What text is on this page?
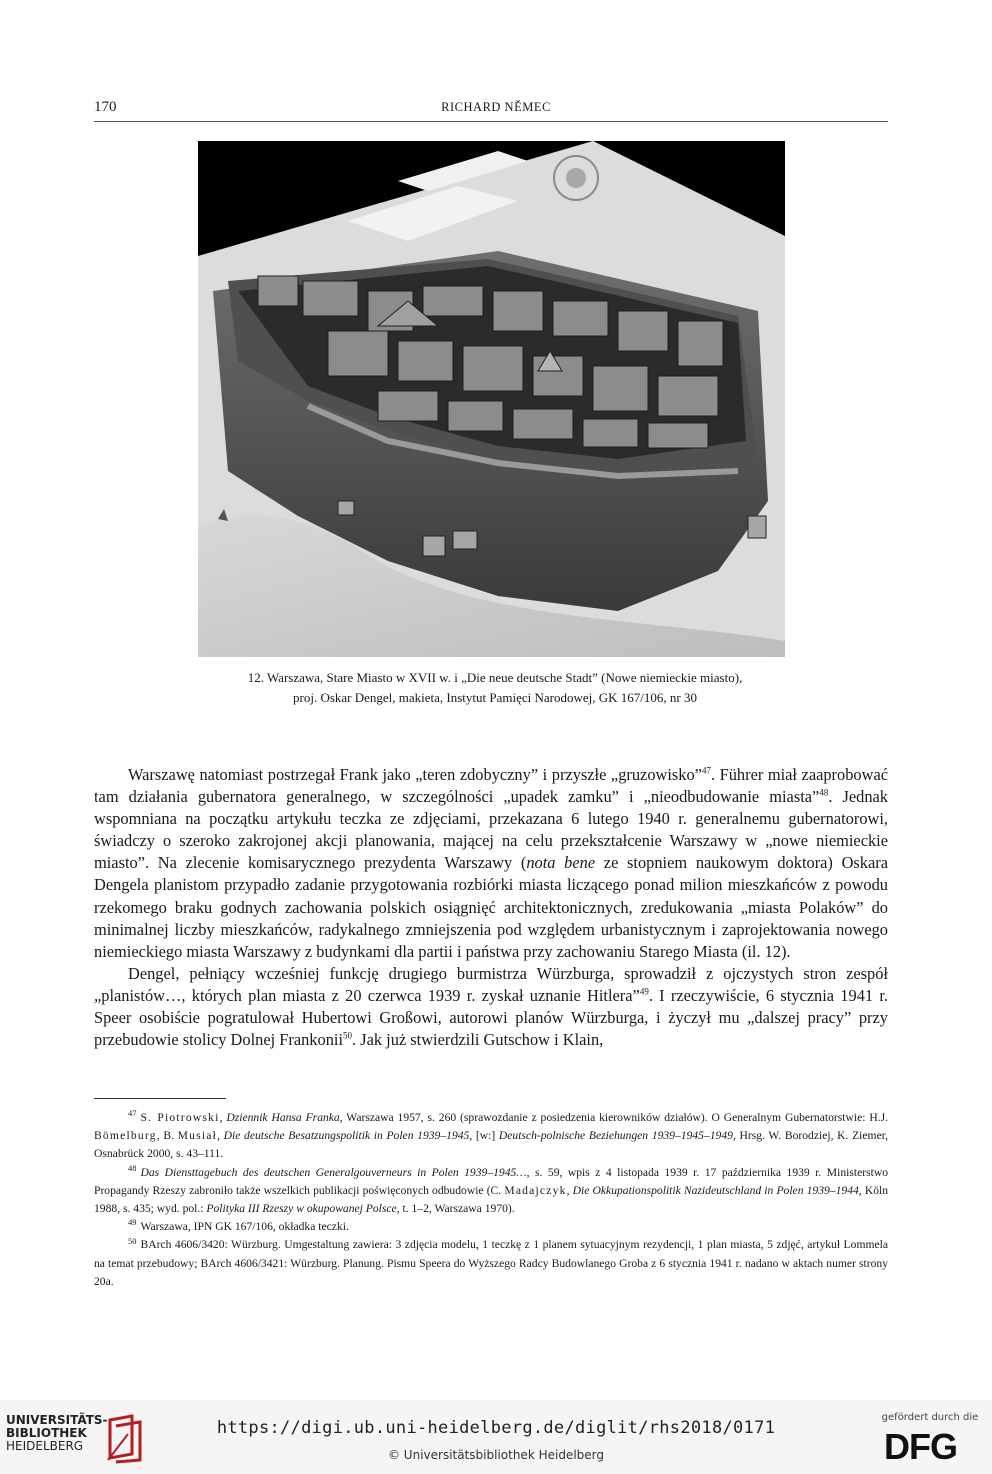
170	RICHARD NĚMEC
12. Warszawa, Stare Miasto w XVII w. i „Die neue deutsche Stadt” (Nowe niemieckie miasto),
proj. Oskar Dengel, makieta, Instytut Pamięci Narodowej, GK 167/106, nr 30

Warszawę natomiast postrzegał Frank jako „teren zdobyczny” i przyszłe „gruzowisko”$^{47}$. Führer miał zaaprobować tam działania gubernatora generalnego, w szczególności „upadek zamku” i „nieodbudowanie miasta”$^{48}$. Jednak wspomniana na początku artykułu teczka ze zdjęciami, przekazana 6 lutego 1940 r. generalnemu gubernatorowi, świadczy o szeroko zakrojonej akcji planowania, mającej na celu przekształcenie Warszawy w „nowe niemieckie miasto”. Na zlecenie komisarycznego prezydenta Warszawy (nota bene ze stopniem naukowym doktora) Oskara Dengela planistom przypadło zadanie przygotowania rozbiórki miasta liczącego ponad milion mieszkańców z powodu rzekomego braku godnych zachowania polskich osiągnięć architektonicznych, zredukowania „miasta Polaków” do minimalnej liczby mieszkańców, radykalnego zmniejszenia pod względem urbanistycznym i zaprojektowania nowego niemieckiego miasta Warszawy z budynkami dla partii i państwa przy zachowaniu Starego Miasta (il. 12).

Dengel, pełniący wcześniej funkcję drugiego burmistrza Würzburga, sprowadził z ojczystych stron zespół „planistów…, których plan miasta z 20 czerwca 1939 r. zyskał uznanie Hitlera”$^{49}$. I rzeczywiście, 6 stycznia 1941 r. Speer osobiście pogratulował Hubertowi Großowi, autorowi planów Würzburga, i życzył mu „dalszej pracy” przy przebudowie stolicy Dolnej Frankonii$^{50}$. Jak już stwierdzili Gutschow i Klain,

$^{47}$ S. Piotrowski, Dziennik Hansa Franka, Warszawa 1957, s. 260 (sprawozdanie z posiedzenia kierowników działów). O Generalnym Gubernatorstwie: H.J. Bömelburg, B. Musiał, Die deutsche Besatzungspolitik in Polen 1939–1945, [w:] Deutsch-polnische Beziehungen 1939–1945–1949, Hrsg. W. Borodziej, K. Ziemer, Osnabrück 2000, s. 43–111.

$^{48}$ Das Diensttagebuch des deutschen Generalgouverneurs in Polen 1939–1945…, s. 59, wpis z 4 listopada 1939 r. 17 października 1939 r. Ministerstwo Propagandy Rzeszy zabroniło także wszelkich publikacji poświęconych odbudowie (C. Madajczyk, Die Okkupationspolitik Nazideutschland in Polen 1939–1944, Köln 1988, s. 435; wyd. pol.: Polityka III Rzeszy w okupowanej Polsce, t. 1–2, Warszawa 1970).

$^{49}$ Warszawa, IPN GK 167/106, okładka teczki.

$^{50}$ BArch 4606/3420: Würzburg. Umgestaltung zawiera: 3 zdjęcia modelu, 1 teczkę z 1 planem sytuacyjnym rezydencji, 1 plan miasta, 5 zdjęć, artykuł Lommela na temat przebudowy; BArch 4606/3421: Würzburg. Planung. Pismu Speera do Wyższego Radcy Budowlanego Groba z 6 stycznia 1941 r. nadano w aktach numer strony 20a.

UNIVERSITÄTS-
BIBLIOTHEK
HEIDELBERG
https://digi.ub.uni-heidelberg.de/diglit/rhs2018/0171
© Universitätsbibliothek Heidelberg
gefördert durch die
DFG
